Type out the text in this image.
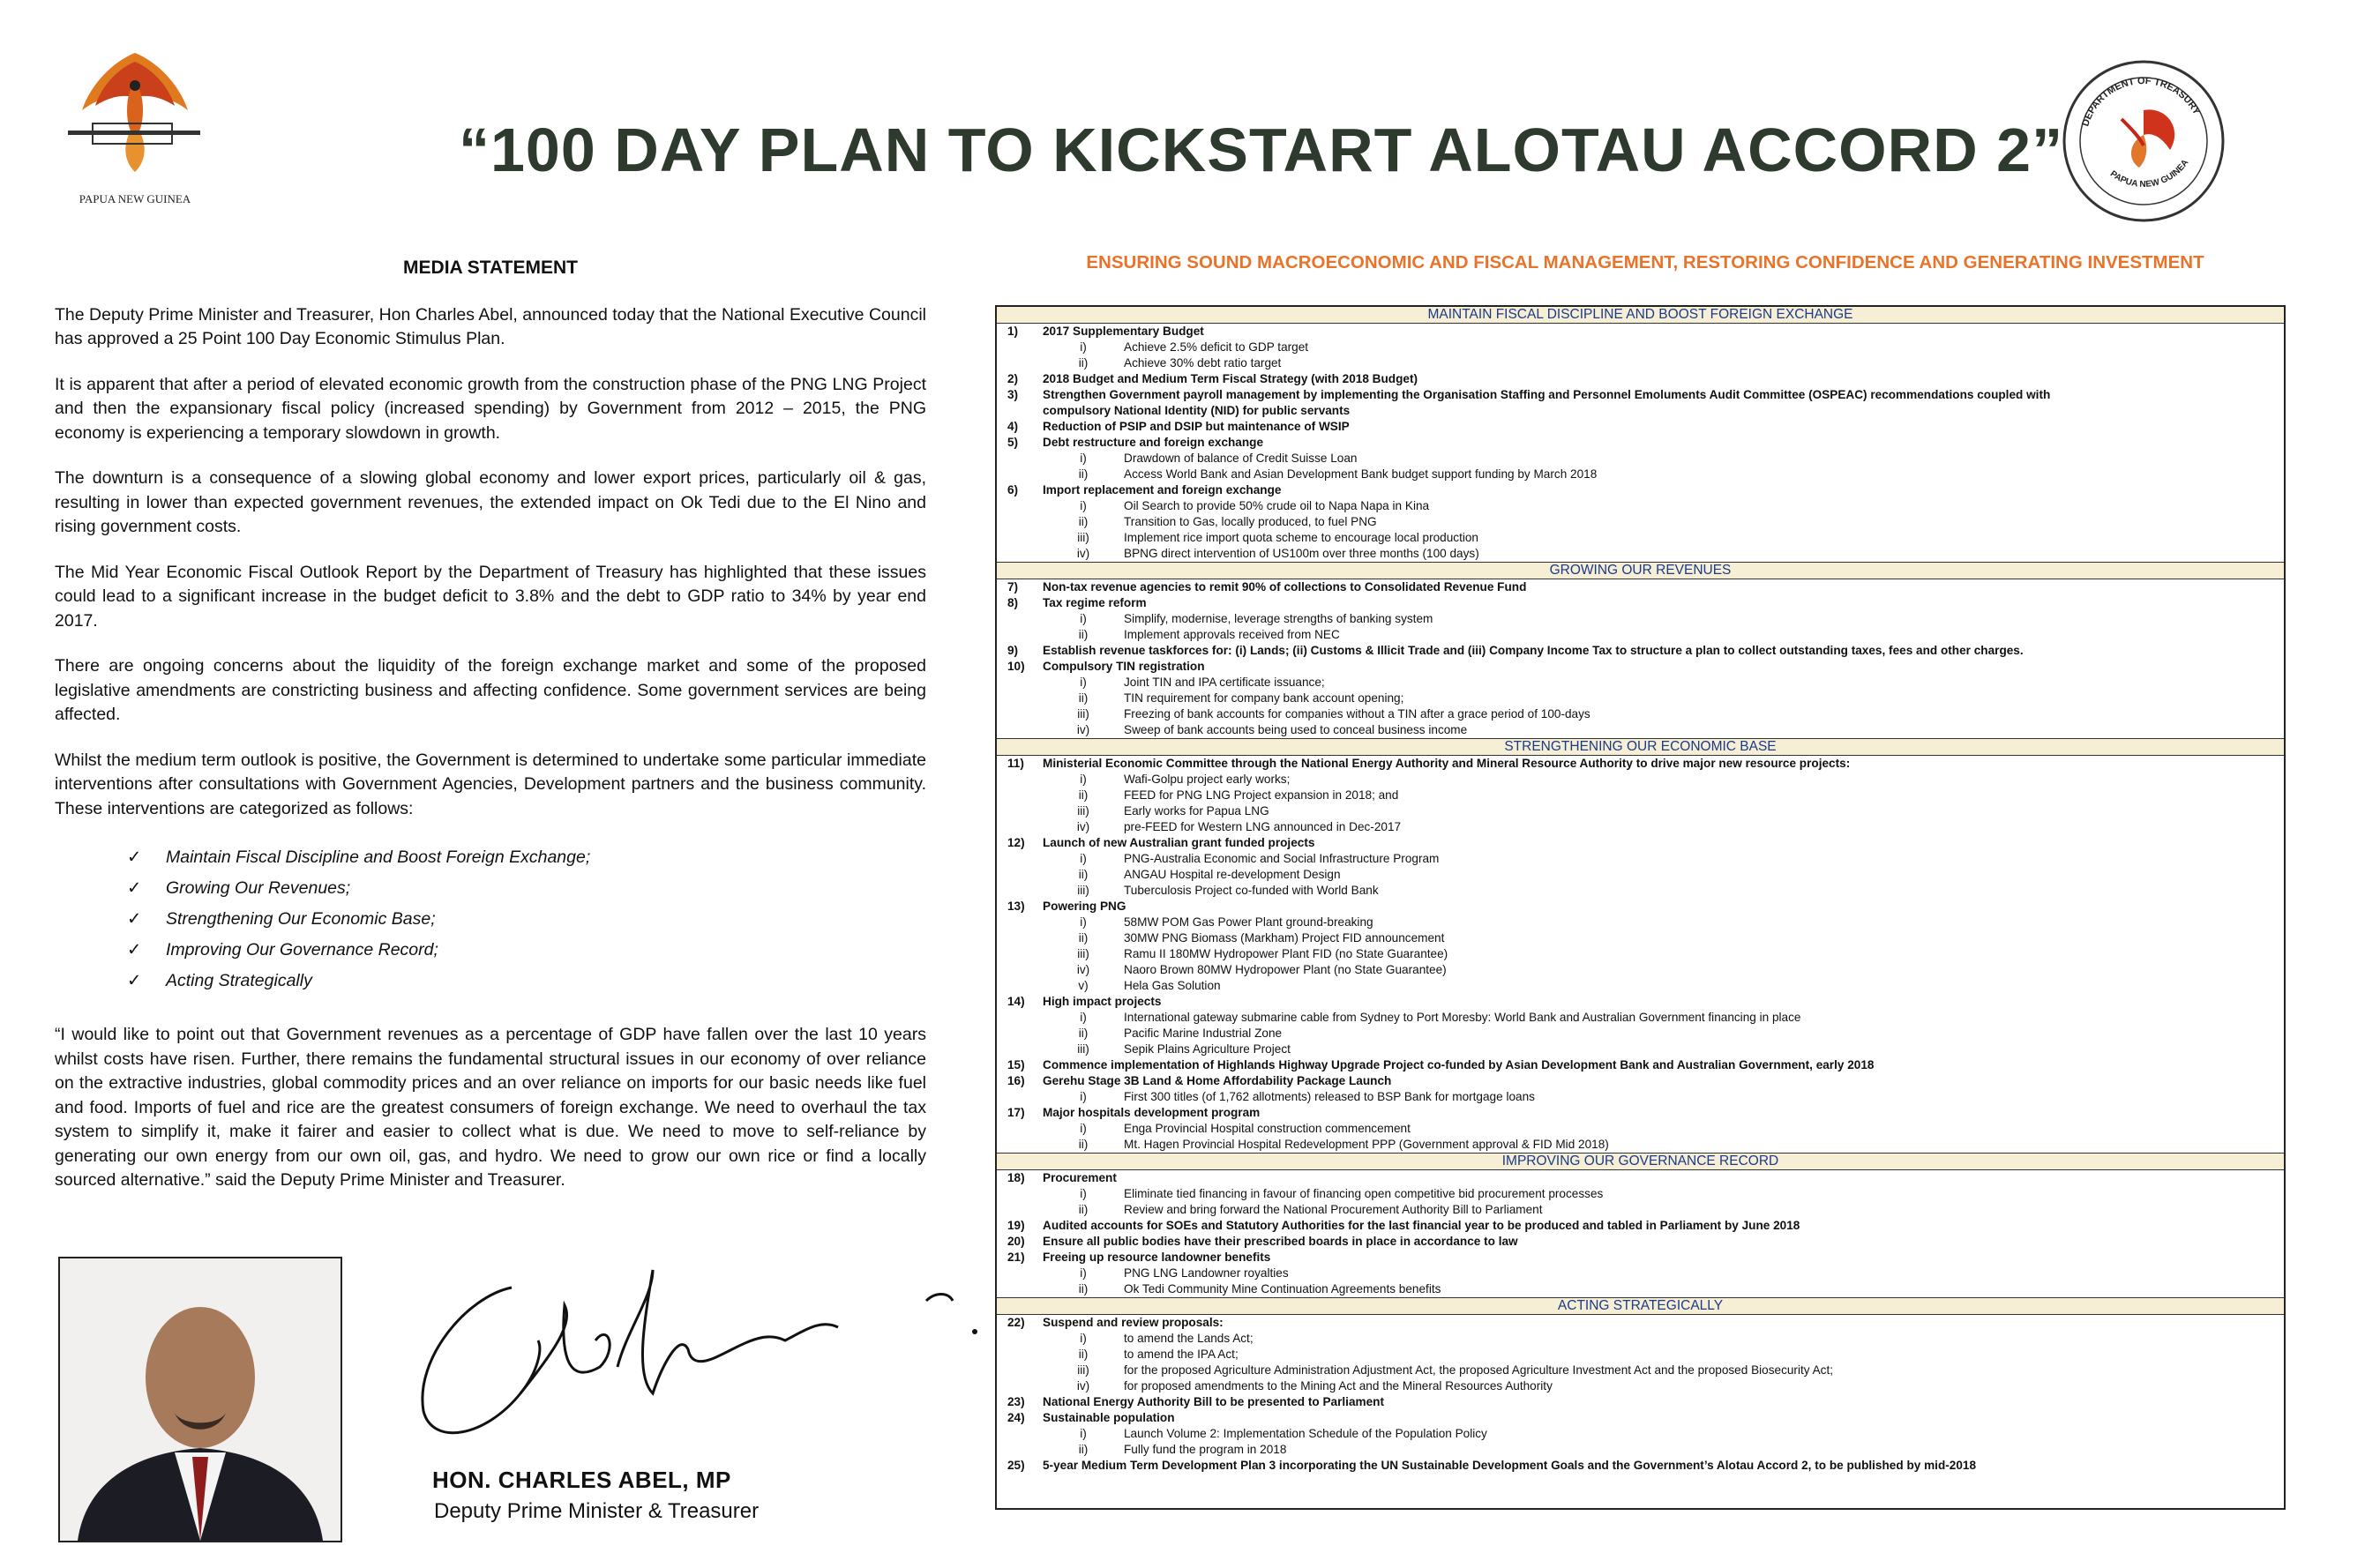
PAPUA NEW GUINEA
DEPARTMENT OF TREASURY
PAPUA NEW GUINEA
“100 DAY PLAN TO KICKSTART ALOTAU ACCORD 2”
MEDIA STATEMENT

The Deputy Prime Minister and Treasurer, Hon Charles Abel, announced today that the National Executive Council has approved a 25 Point 100 Day Economic Stimulus Plan.

It is apparent that after a period of elevated economic growth from the construction phase of the PNG LNG Project and then the expansionary fiscal policy (increased spending) by Government from 2012 – 2015, the PNG economy is experiencing a temporary slowdown in growth.

The downturn is a consequence of a slowing global economy and lower export prices, particularly oil & gas, resulting in lower than expected government revenues, the extended impact on Ok Tedi due to the El Nino and rising government costs.

The Mid Year Economic Fiscal Outlook Report by the Department of Treasury has highlighted that these issues could lead to a significant increase in the budget deficit to 3.8% and the debt to GDP ratio to 34% by year end 2017.

There are ongoing concerns about the liquidity of the foreign exchange market and some of the proposed legislative amendments are constricting business and affecting confidence. Some government services are being affected.

Whilst the medium term outlook is positive, the Government is determined to undertake some particular immediate interventions after consultations with Government Agencies, Development partners and the business community. These interventions are categorized as follows:

✓ Maintain Fiscal Discipline and Boost Foreign Exchange;
✓ Growing Our Revenues;
✓ Strengthening Our Economic Base;
✓ Improving Our Governance Record;
✓ Acting Strategically

“I would like to point out that Government revenues as a percentage of GDP have fallen over the last 10 years whilst costs have risen. Further, there remains the fundamental structural issues in our economy of over reliance on the extractive industries, global commodity prices and an over reliance on imports for our basic needs like fuel and food. Imports of fuel and rice are the greatest consumers of foreign exchange. We need to overhaul the tax system to simplify it, make it fairer and easier to collect what is due. We need to move to self-reliance by generating our own energy from our own oil, gas, and hydro. We need to grow our own rice or find a locally sourced alternative.” said the Deputy Prime Minister and Treasurer.

HON. CHARLES ABEL, MP
Deputy Prime Minister & Treasurer
ENSURING SOUND MACROECONOMIC AND FISCAL MANAGEMENT, RESTORING CONFIDENCE AND GENERATING INVESTMENT
MAINTAIN FISCAL DISCIPLINE AND BOOST FOREIGN EXCHANGE
1)	2017 Supplementary Budget
i)	Achieve 2.5% deficit to GDP target
ii)	Achieve 30% debt ratio target
2)	2018 Budget and Medium Term Fiscal Strategy (with 2018 Budget)
3)	Strengthen Government payroll management by implementing the Organisation Staffing and Personnel Emoluments Audit Committee (OSPEAC) recommendations coupled with
compulsory National Identity (NID) for public servants
4)	Reduction of PSIP and DSIP but maintenance of WSIP
5)	Debt restructure and foreign exchange
i)	Drawdown of balance of Credit Suisse Loan
ii)	Access World Bank and Asian Development Bank budget support funding by March 2018
6)	Import replacement and foreign exchange
i)	Oil Search to provide 50% crude oil to Napa Napa in Kina
ii)	Transition to Gas, locally produced, to fuel PNG
iii)	Implement rice import quota scheme to encourage local production
iv)	BPNG direct intervention of US100m over three months (100 days)
GROWING OUR REVENUES
7)	Non-tax revenue agencies to remit 90% of collections to Consolidated Revenue Fund
8)	Tax regime reform
i)	Simplify, modernise, leverage strengths of banking system
ii)	Implement approvals received from NEC
9)	Establish revenue taskforces for: (i) Lands; (ii) Customs & Illicit Trade and (iii) Company Income Tax to structure a plan to collect outstanding taxes, fees and other charges.
10)	Compulsory TIN registration
i)	Joint TIN and IPA certificate issuance;
ii)	TIN requirement for company bank account opening;
iii)	Freezing of bank accounts for companies without a TIN after a grace period of 100-days
iv)	Sweep of bank accounts being used to conceal business income
STRENGTHENING OUR ECONOMIC BASE
11)	Ministerial Economic Committee through the National Energy Authority and Mineral Resource Authority to drive major new resource projects:
i)	Wafi-Golpu project early works;
ii)	FEED for PNG LNG Project expansion in 2018; and
iii)	Early works for Papua LNG
iv)	pre-FEED for Western LNG announced in Dec-2017
12)	Launch of new Australian grant funded projects
i)	PNG-Australia Economic and Social Infrastructure Program
ii)	ANGAU Hospital re-development Design
iii)	Tuberculosis Project co-funded with World Bank
13)	Powering PNG
i)	58MW POM Gas Power Plant ground-breaking
ii)	30MW PNG Biomass (Markham) Project FID announcement
iii)	Ramu II 180MW Hydropower Plant FID (no State Guarantee)
iv)	Naoro Brown 80MW Hydropower Plant (no State Guarantee)
v)	Hela Gas Solution
14)	High impact projects
i)	International gateway submarine cable from Sydney to Port Moresby: World Bank and Australian Government financing in place
ii)	Pacific Marine Industrial Zone
iii)	Sepik Plains Agriculture Project
15)	Commence implementation of Highlands Highway Upgrade Project co-funded by Asian Development Bank and Australian Government, early 2018
16)	Gerehu Stage 3B Land & Home Affordability Package Launch
i)	First 300 titles (of 1,762 allotments) released to BSP Bank for mortgage loans
17)	Major hospitals development program
i)	Enga Provincial Hospital construction commencement
ii)	Mt. Hagen Provincial Hospital Redevelopment PPP (Government approval & FID Mid 2018)
IMPROVING OUR GOVERNANCE RECORD
18)	Procurement
i)	Eliminate tied financing in favour of financing open competitive bid procurement processes
ii)	Review and bring forward the National Procurement Authority Bill to Parliament
19)	Audited accounts for SOEs and Statutory Authorities for the last financial year to be produced and tabled in Parliament by June 2018
20)	Ensure all public bodies have their prescribed boards in place in accordance to law
21)	Freeing up resource landowner benefits
i)	PNG LNG Landowner royalties
ii)	Ok Tedi Community Mine Continuation Agreements benefits
ACTING STRATEGICALLY
22)	Suspend and review proposals:
i)	to amend the Lands Act;
ii)	to amend the IPA Act;
iii)	for the proposed Agriculture Administration Adjustment Act, the proposed Agriculture Investment Act and the proposed Biosecurity Act;
iv)	for proposed amendments to the Mining Act and the Mineral Resources Authority
23)	National Energy Authority Bill to be presented to Parliament
24)	Sustainable population
i)	Launch Volume 2: Implementation Schedule of the Population Policy
ii)	Fully fund the program in 2018
25)	5-year Medium Term Development Plan 3 incorporating the UN Sustainable Development Goals and the Government’s Alotau Accord 2, to be published by mid-2018
